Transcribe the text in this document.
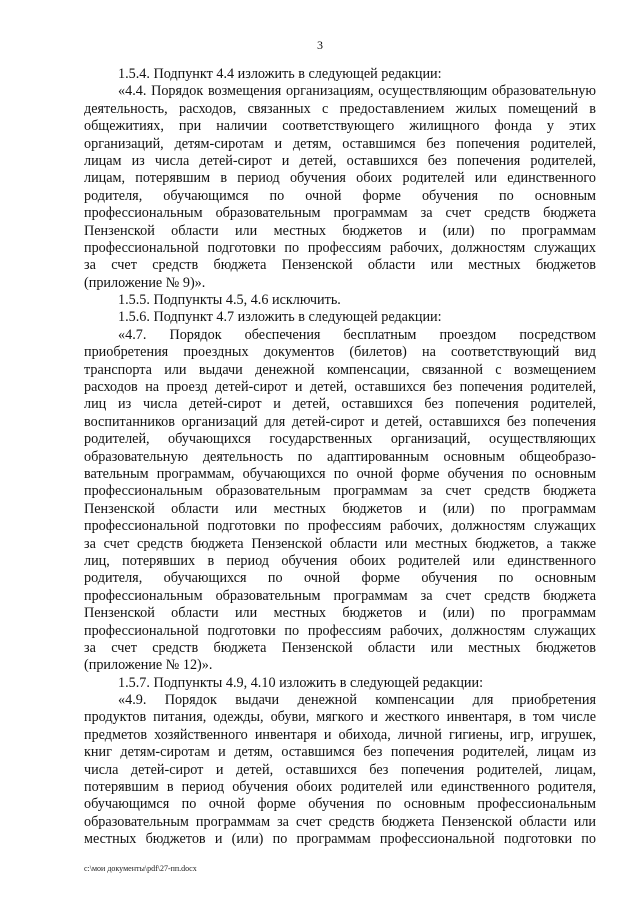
3
1.5.4. Подпункт 4.4 изложить в следующей редакции:
«4.4. Порядок возмещения организациям, осуществляющим образовательную
деятельность, расходов, связанных с предоставлением жилых помещений в
общежитиях, при наличии соответствующего жилищного фонда у этих
организаций, детям-сиротам и детям, оставшимся без попечения родителей,
лицам из числа детей-сирот и детей, оставшихся без попечения родителей,
лицам, потерявшим в период обучения обоих родителей или единственного
родителя, обучающимся по очной форме обучения по основным
профессиональным образовательным программам за счет средств бюджета
Пензенской области или местных бюджетов и (или) по программам
профессиональной подготовки по профессиям рабочих, должностям служащих
за счет средств бюджета Пензенской области или местных бюджетов
(приложение № 9)».
1.5.5. Подпункты 4.5, 4.6 исключить.
1.5.6. Подпункт 4.7 изложить в следующей редакции:
«4.7. Порядок обеспечения бесплатным проездом посредством
приобретения проездных документов (билетов) на соответствующий вид
транспорта или выдачи денежной компенсации, связанной с возмещением
расходов на проезд детей-сирот и детей, оставшихся без попечения родителей,
лиц из числа детей-сирот и детей, оставшихся без попечения родителей,
воспитанников организаций для детей-сирот и детей, оставшихся без попечения
родителей, обучающихся государственных организаций, осуществляющих
образовательную деятельность по адаптированным основным общеобразо-
вательным программам, обучающихся по очной форме обучения по основным
профессиональным образовательным программам за счет средств бюджета
Пензенской области или местных бюджетов и (или) по программам
профессиональной подготовки по профессиям рабочих, должностям служащих
за счет средств бюджета Пензенской области или местных бюджетов, а также
лиц, потерявших в период обучения обоих родителей или единственного
родителя, обучающихся по очной форме обучения по основным
профессиональным образовательным программам за счет средств бюджета
Пензенской области или местных бюджетов и (или) по программам
профессиональной подготовки по профессиям рабочих, должностям служащих
за счет средств бюджета Пензенской области или местных бюджетов
(приложение № 12)».
1.5.7. Подпункты 4.9, 4.10 изложить в следующей редакции:
«4.9. Порядок выдачи денежной компенсации для приобретения
продуктов питания, одежды, обуви, мягкого и жесткого инвентаря, в том числе
предметов хозяйственного инвентаря и обихода, личной гигиены, игр, игрушек,
книг детям-сиротам и детям, оставшимся без попечения родителей, лицам из
числа детей-сирот и детей, оставшихся без попечения родителей, лицам,
потерявшим в период обучения обоих родителей или единственного родителя,
обучающимся по очной форме обучения по основным профессиональным
образовательным программам за счет средств бюджета Пензенской области или
местных бюджетов и (или) по программам профессиональной подготовки по
c:\мои документы\pdf\27-пп.docx
